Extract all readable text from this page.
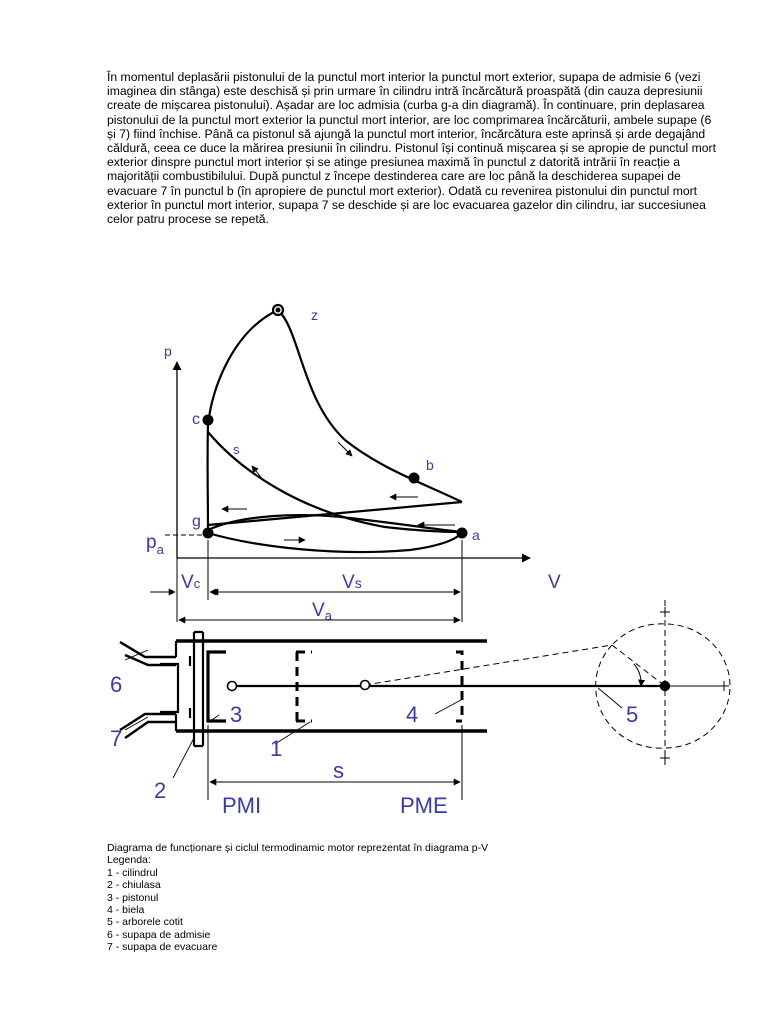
În momentul deplasării pistonului de la punctul mort interior la punctul mort exterior, supapa de admisie 6 (vezi imaginea din stânga) este deschisă și prin urmare în cilindru intră încărcătură proaspătă (din cauza depresiunii create de mișcarea pistonului). Așadar are loc admisia (curba g-a din diagramă). În continuare, prin deplasarea pistonului de la punctul mort exterior la punctul mort interior, are loc comprimarea încărcăturii, ambele supape (6 și 7) fiind închise. Până ca pistonul să ajungă la punctul mort interior, încărcătura este aprinsă și arde degajând căldură, ceea ce duce la mărirea presiunii în cilindru. Pistonul își continuă mișcarea și se apropie de punctul mort exterior dinspre punctul mort interior și se atinge presiunea maximă în punctul z datorită intrării în reacție a majorității combustibilului. După punctul z începe destinderea care are loc până la deschiderea supapei de evacuare 7 în punctul b (în apropiere de punctul mort exterior). Odată cu revenirea pistonului din punctul mort exterior în punctul mort interior, supapa 7 se deschide și are loc evacuarea gazelor din cilindru, iar succesiunea celor patru procese se repetă.

p
z
c
s
b
g
a
$p_a$
Vc	Vs	V
$V_a$
6
7
3	4	5
1
2
s
PMI	PME
Diagrama de funcționare și ciclul termodinamic motor reprezentat în diagrama p-V
Legenda:
1 - cilindrul
2 - chiulasa
3 - pistonul
4 - biela
5 - arborele cotit
6 - supapa de admisie
7 - supapa de evacuare
